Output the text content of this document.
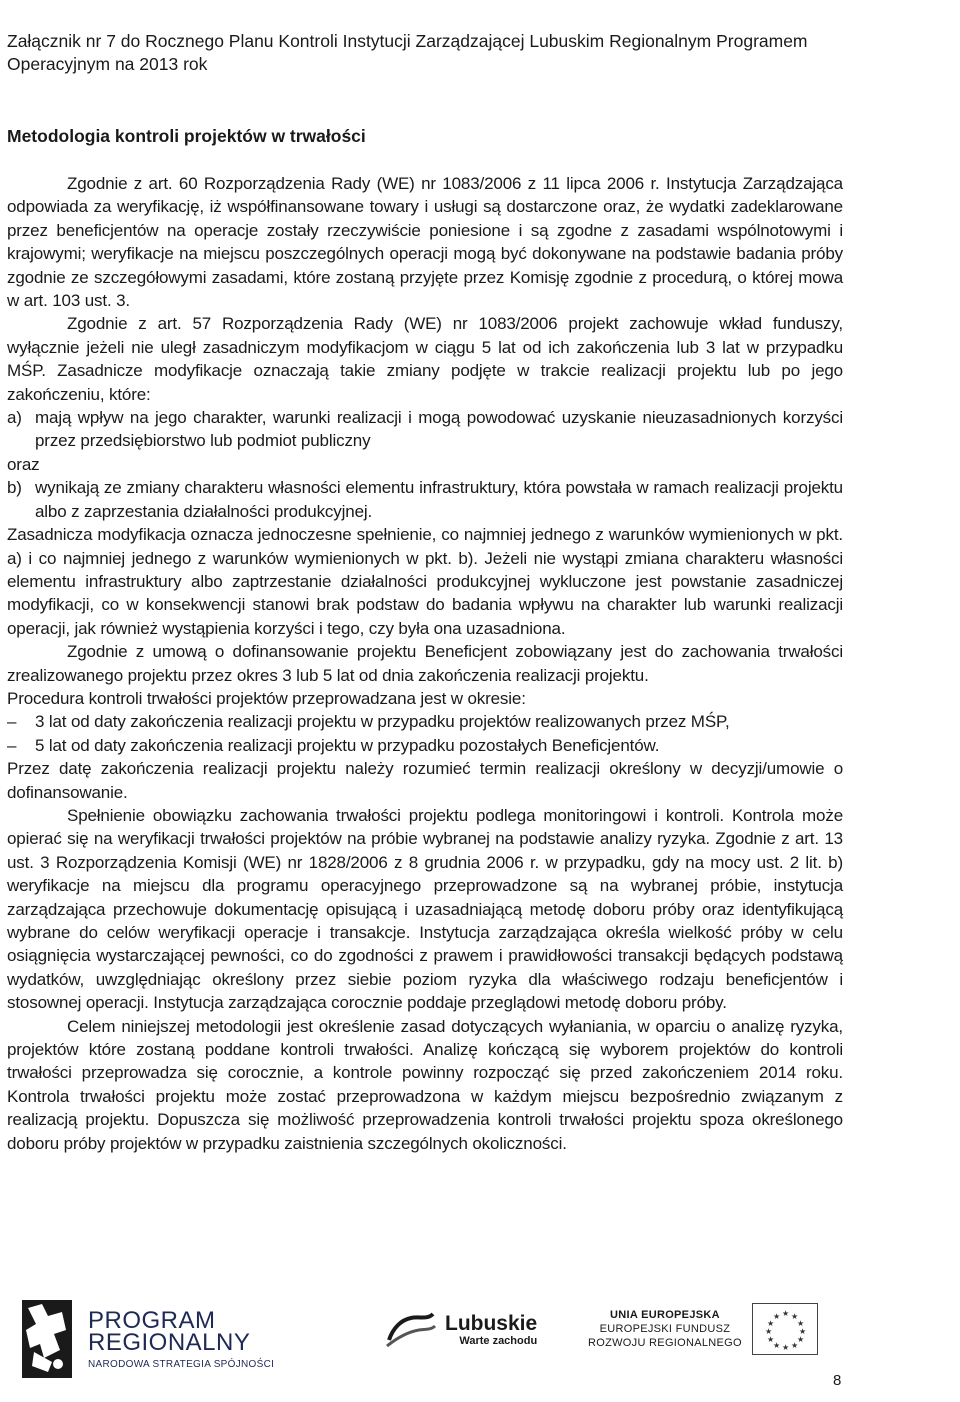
Załącznik nr 7 do Rocznego Planu Kontroli Instytucji Zarządzającej Lubuskim Regionalnym Programem Operacyjnym na 2013 rok
Metodologia kontroli projektów w trwałości

Zgodnie z art. 60 Rozporządzenia Rady (WE) nr 1083/2006 z 11 lipca 2006 r. Instytucja Zarządzająca odpowiada za weryfikację, iż współfinansowane towary i usługi są dostarczone oraz, że wydatki zadeklarowane przez beneficjentów na operacje zostały rzeczywiście poniesione i są zgodne z zasadami wspólnotowymi i krajowymi; weryfikacje na miejscu poszczególnych operacji mogą być dokonywane na podstawie badania próby zgodnie ze szczegółowymi zasadami, które zostaną przyjęte przez Komisję zgodnie z procedurą, o której mowa w art. 103 ust. 3.

Zgodnie z art. 57 Rozporządzenia Rady (WE) nr 1083/2006 projekt zachowuje wkład funduszy, wyłącznie jeżeli nie uległ zasadniczym modyfikacjom w ciągu 5 lat od ich zakończenia lub 3 lat w przypadku MŚP. Zasadnicze modyfikacje oznaczają takie zmiany podjęte w trakcie realizacji projektu lub po jego zakończeniu, które:

a) mają wpływ na jego charakter, warunki realizacji i mogą powodować uzyskanie nieuzasadnionych korzyści przez przedsiębiorstwo lub podmiot publiczny

oraz

b) wynikają ze zmiany charakteru własności elementu infrastruktury, która powstała w ramach realizacji projektu albo z zaprzestania działalności produkcyjnej.

Zasadnicza modyfikacja oznacza jednoczesne spełnienie, co najmniej jednego z warunków wymienionych w pkt. a) i co najmniej jednego z warunków wymienionych w pkt. b). Jeżeli nie wystąpi zmiana charakteru własności elementu infrastruktury albo zaptrzestanie działalności produkcyjnej wykluczone jest powstanie zasadniczej modyfikacji, co w konsekwencji stanowi brak podstaw do badania wpływu na charakter lub warunki realizacji operacji, jak również wystąpienia korzyści i tego, czy była ona uzasadniona.

Zgodnie z umową o dofinansowanie projektu Beneficjent zobowiązany jest do zachowania trwałości zrealizowanego projektu przez okres 3 lub 5 lat od dnia zakończenia realizacji projektu.

Procedura kontroli trwałości projektów przeprowadzana jest w okresie:

–	3 lat od daty zakończenia realizacji projektu w przypadku projektów realizowanych przez MŚP,
–	5 lat od daty zakończenia realizacji projektu w przypadku pozostałych Beneficjentów.

Przez datę zakończenia realizacji projektu należy rozumieć termin realizacji określony w decyzji/umowie o dofinansowanie.

Spełnienie obowiązku zachowania trwałości projektu podlega monitoringowi i kontroli. Kontrola może opierać się na weryfikacji trwałości projektów na próbie wybranej na podstawie analizy ryzyka. Zgodnie z art. 13 ust. 3 Rozporządzenia Komisji (WE) nr 1828/2006 z 8 grudnia 2006 r. w przypadku, gdy na mocy ust. 2 lit. b) weryfikacje na miejscu dla programu operacyjnego przeprowadzone są na wybranej próbie, instytucja zarządzająca przechowuje dokumentację opisującą i uzasadniającą metodę doboru próby oraz identyfikującą wybrane do celów weryfikacji operacje i transakcje. Instytucja zarządzająca określa wielkość próby w celu osiągnięcia wystarczającej pewności, co do zgodności z prawem i prawidłowości transakcji będących podstawą wydatków, uwzględniając określony przez siebie poziom ryzyka dla właściwego rodzaju beneficjentów i stosownej operacji. Instytucja zarządzająca corocznie poddaje przeglądowi metodę doboru próby.

Celem niniejszej metodologii jest określenie zasad dotyczących wyłaniania, w oparciu o analizę ryzyka, projektów które zostaną poddane kontroli trwałości. Analizę kończącą się wyborem projektów do kontroli trwałości przeprowadza się corocznie, a kontrole powinny rozpocząć się przed zakończeniem 2014 roku. Kontrola trwałości projektu może zostać przeprowadzona w każdym miejscu bezpośrednio związanym z realizacją projektu. Dopuszcza się możliwość przeprowadzenia kontroli trwałości projektu spoza określonego doboru próby projektów w przypadku zaistnienia szczególnych okoliczności.

PROGRAM
REGIONALNY
NARODOWA STRATEGIA SPÓJNOŚCI
Lubuskie
Warte zachodu
UNIA EUROPEJSKA
EUROPEJSKI FUNDUSZ
ROZWOJU REGIONALNEGO
★ ★
★
★
★
★
★
★
★
★
★
★
8
